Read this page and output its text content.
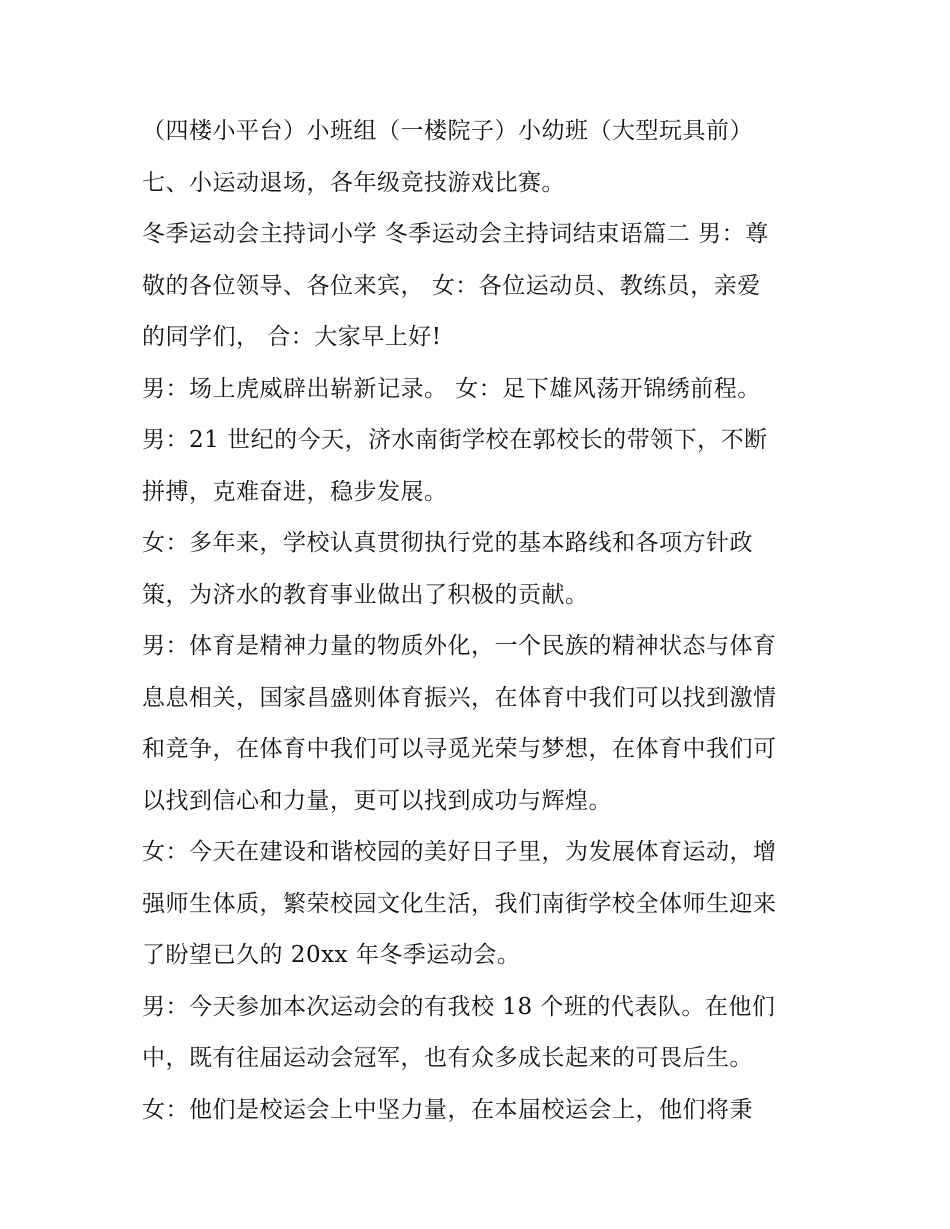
（四楼小平台）小班组（一楼院子）小幼班（大型玩具前）
七、小运动退场，各年级竞技游戏比赛。
冬季运动会主持词小学 冬季运动会主持词结束语篇二 男：尊
敬的各位领导、各位来宾， 女：各位运动员、教练员，亲爱
的同学们， 合：大家早上好!
男：场上虎威辟出崭新记录。 女：足下雄风荡开锦绣前程。
男：21 世纪的今天，济水南街学校在郭校长的带领下，不断
拼搏，克难奋进，稳步发展。
女：多年来，学校认真贯彻执行党的基本路线和各项方针政
策，为济水的教育事业做出了积极的贡献。
男：体育是精神力量的物质外化，一个民族的精神状态与体育
息息相关，国家昌盛则体育振兴，在体育中我们可以找到激情
和竞争，在体育中我们可以寻觅光荣与梦想，在体育中我们可
以找到信心和力量，更可以找到成功与辉煌。
女：今天在建设和谐校园的美好日子里，为发展体育运动，增
强师生体质，繁荣校园文化生活，我们南街学校全体师生迎来
了盼望已久的 20xx 年冬季运动会。
男：今天参加本次运动会的有我校 18 个班的代表队。在他们
中，既有往届运动会冠军，也有众多成长起来的可畏后生。
女：他们是校运会上中坚力量，在本届校运会上，他们将秉
